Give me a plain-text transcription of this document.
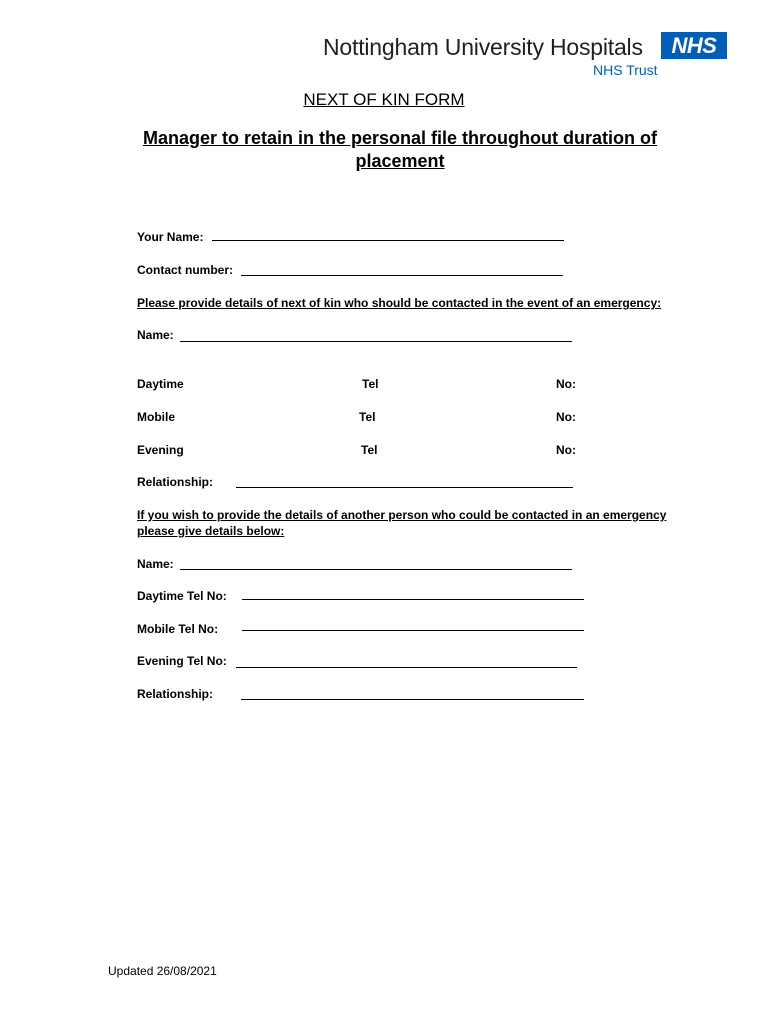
Nottingham University Hospitals
NHS Trust
NHS
NEXT OF KIN FORM
Manager to retain in the personal file throughout duration of placement
Your Name:
Contact number:
Please provide details of next of kin who should be contacted in the event of an emergency:
Name:
Daytime	Tel	No:
Mobile	Tel	No:
Evening	Tel	No:
Relationship:
If you wish to provide the details of another person who could be contacted in an emergency please give details below:
Name:
Daytime Tel No:
Mobile Tel No:
Evening Tel No:
Relationship:
Updated 26/08/2021
